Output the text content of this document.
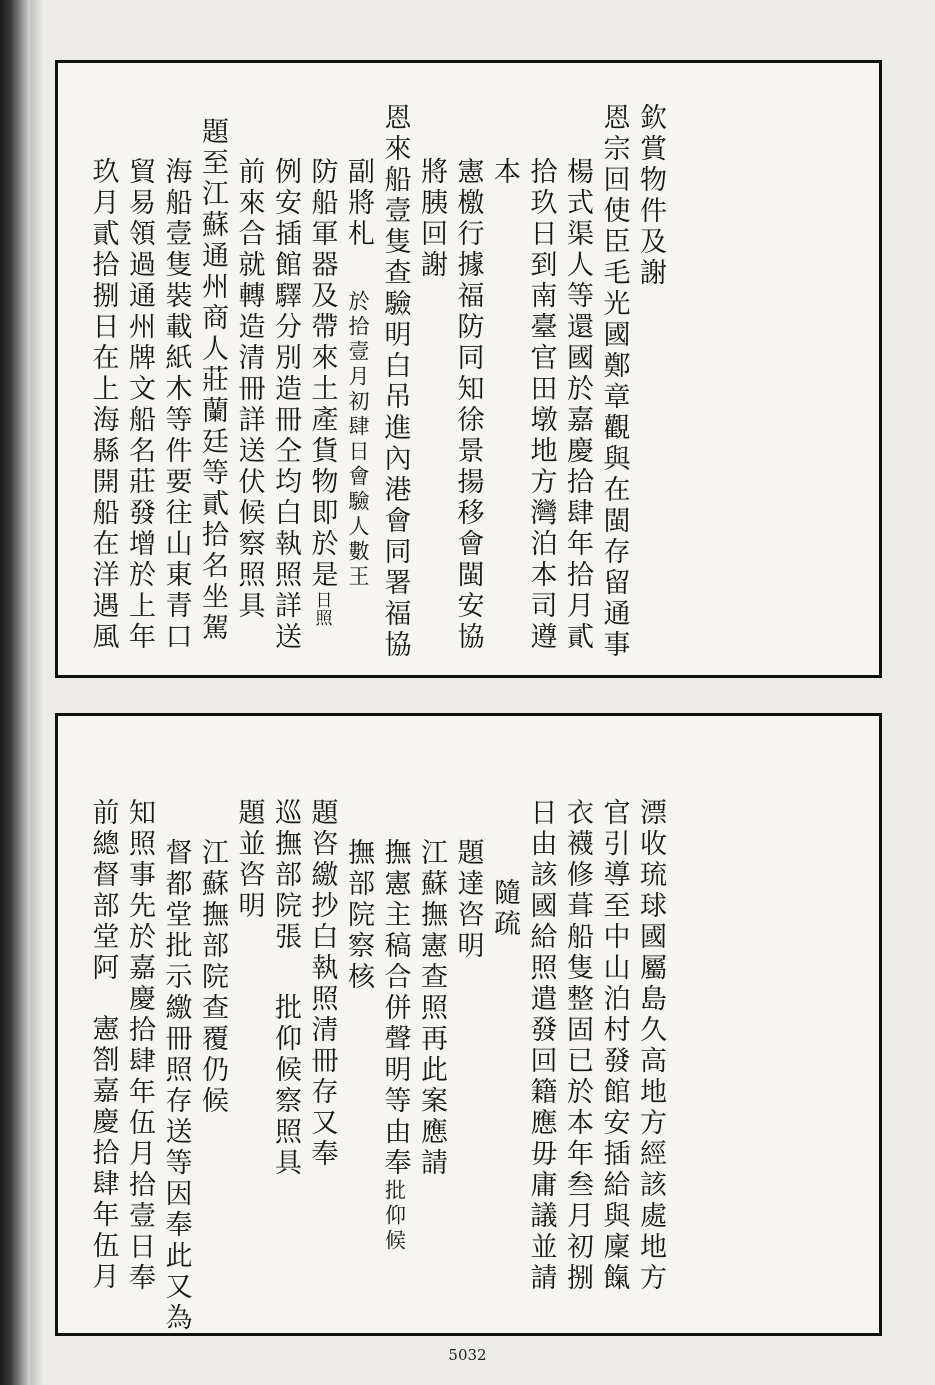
欽賞物件及謝
恩宗回使臣毛光國鄭章觀與在閩存留通事
楊式渠人等還國於嘉慶拾肆年拾月貳
拾玖日到南臺官田墩地方灣泊本司遵
本
憲檄行據福防同知徐景揚移會閩安協
將胰回謝
恩來船壹隻查驗明白吊進內港會同署福協
副將札於拾壹月初肆日會驗人數王
防船軍器及帶來土產貨物即於是日照
例安插館驛分別造冊仝均白執照詳送
前來合就轉造清冊詳送伏候察照具
題至江蘇通州商人莊蘭廷等貳拾名坐駕
海船壹隻裝載紙木等件要往山東青口
貿易領過通州牌文船名莊發增於上年
玖月貳拾捌日在上海縣開船在洋遇風
漂收琉球國屬島久高地方經該處地方
官引導至中山泊村發館安插給與廩餼
衣襪修葺船隻整固已於本年叁月初捌
日由該國給照遣發回籍應毋庸議並請
隨疏
題達咨明
江蘇撫憲查照再此案應請
撫憲主稿合併聲明等由奉批仰候
撫部院察核
題咨繳抄白執照清冊存又奉
巡撫部院張批仰候察照具
題並咨明
江蘇撫部院查覆仍候
督都堂批示繳冊照存送等因奉此又為
知照事先於嘉慶拾肆年伍月拾壹日奉
前總督部堂阿憲劄嘉慶拾肆年伍月
5032
